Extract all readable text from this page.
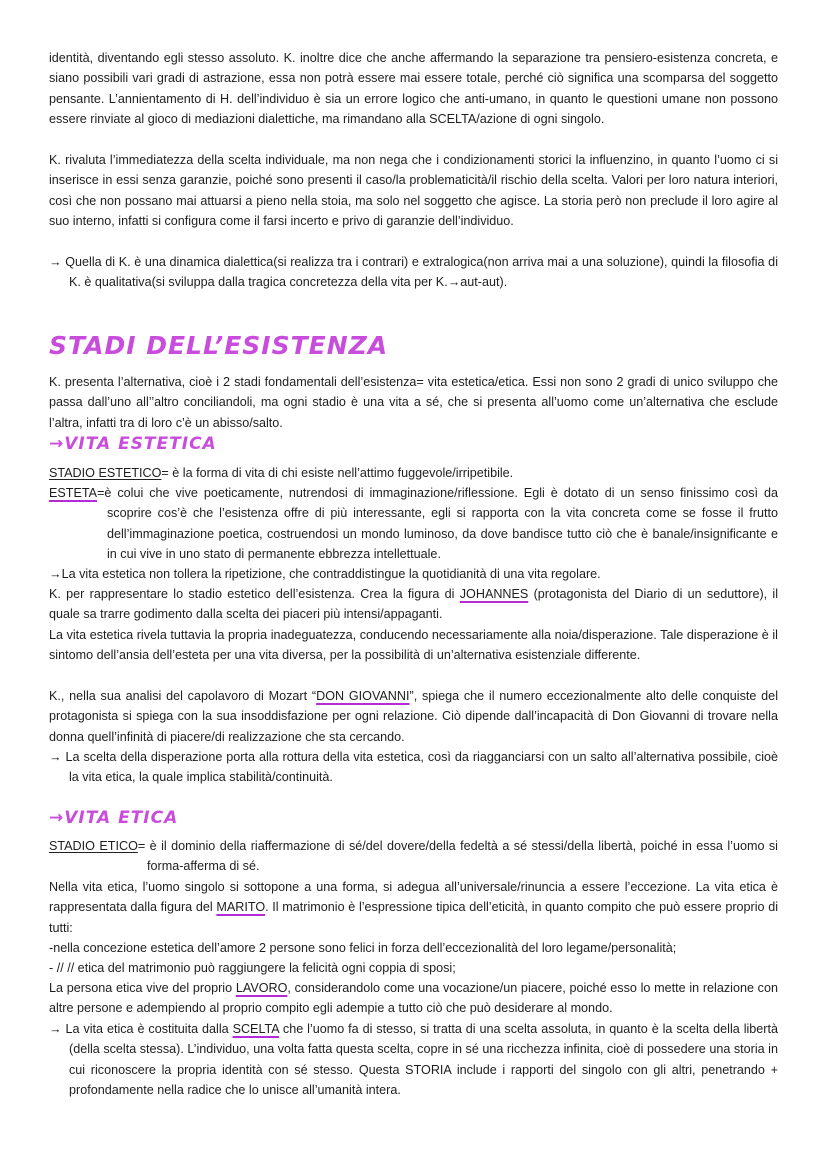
identità, diventando egli stesso assoluto. K. inoltre dice che anche affermando la separazione tra pensiero-esistenza concreta, e siano possibili vari gradi di astrazione, essa non potrà essere mai essere totale, perché ciò significa una scomparsa del soggetto pensante. L’annientamento di H. dell’individuo è sia un errore logico che anti-umano, in quanto le questioni umane non possono essere rinviate al gioco di mediazioni dialettiche, ma rimandano alla SCELTA/azione di ogni singolo.

K. rivaluta l’immediatezza della scelta individuale, ma non nega che i condizionamenti storici la influenzino, in quanto l’uomo ci si inserisce in essi senza garanzie, poiché sono presenti il caso/la problematicità/il rischio della scelta. Valori per loro natura interiori, così che non possano mai attuarsi a pieno nella stoia, ma solo nel soggetto che agisce. La storia però non preclude il loro agire al suo interno, infatti si configura come il farsi incerto e privo di garanzie dell’individuo.

→ Quella di K. è una dinamica dialettica(si realizza tra i contrari) e extralogica(non arriva mai a una soluzione), quindi la filosofia di K. è qualitativa(si sviluppa dalla tragica concretezza della vita per K.→aut-aut).

STADI DELL’ESISTENZA

K. presenta l’alternativa, cioè i 2 stadi fondamentali dell’esistenza= vita estetica/etica. Essi non sono 2 gradi di unico sviluppo che passa dall’uno all’’altro conciliandoli, ma ogni stadio è una vita a sé, che si presenta all’uomo come un’alternativa che esclude l’altra, infatti tra di loro c’è un abisso/salto.

→VITA ESTETICA

STADIO ESTETICO= è la forma di vita di chi esiste nell’attimo fuggevole/irripetibile.

ESTETA=è colui che vive poeticamente, nutrendosi di immaginazione/riflessione. Egli è dotato di un senso finissimo così da scoprire cos’è che l’esistenza offre di più interessante, egli si rapporta con la vita concreta come se fosse il frutto dell’immaginazione poetica, costruendosi un mondo luminoso, da dove bandisce tutto ciò che è banale/insignificante e in cui vive in uno stato di permanente ebbrezza intellettuale.

→La vita estetica non tollera la ripetizione, che contraddistingue la quotidianità di una vita regolare.

K. per rappresentare lo stadio estetico dell’esistenza. Crea la figura di JOHANNES (protagonista del Diario di un seduttore), il quale sa trarre godimento dalla scelta dei piaceri più intensi/appaganti.

La vita estetica rivela tuttavia la propria inadeguatezza, conducendo necessariamente alla noia/disperazione. Tale disperazione è il sintomo dell’ansia dell’esteta per una vita diversa, per la possibilità di un’alternativa esistenziale differente.

K., nella sua analisi del capolavoro di Mozart “DON GIOVANNI”, spiega che il numero eccezionalmente alto delle conquiste del protagonista si spiega con la sua insoddisfazione per ogni relazione. Ciò dipende dall’incapacità di Don Giovanni di trovare nella donna quell’infinità di piacere/di realizzazione che sta cercando.

→ La scelta della disperazione porta alla rottura della vita estetica, così da riagganciarsi con un salto all’alternativa possibile, cioè la vita etica, la quale implica stabilità/continuità.

→VITA ETICA

STADIO ETICO= è il dominio della riaffermazione di sé/del dovere/della fedeltà a sé stessi/della libertà, poiché in essa l’uomo si forma-afferma di sé.

Nella vita etica, l’uomo singolo si sottopone a una forma, si adegua all’universale/rinuncia a essere l’eccezione. La vita etica è rappresentata dalla figura del MARITO. Il matrimonio è l’espressione tipica dell’eticità, in quanto compito che può essere proprio di tutti:

-nella concezione estetica dell’amore 2 persone sono felici in forza dell’eccezionalità del loro legame/personalità;

- // // etica del matrimonio può raggiungere la felicità ogni coppia di sposi;

La persona etica vive del proprio LAVORO, considerandolo come una vocazione/un piacere, poiché esso lo mette in relazione con altre persone e adempiendo al proprio compito egli adempie a tutto ciò che può desiderare al mondo.

→ La vita etica è costituita dalla SCELTA che l’uomo fa di stesso, si tratta di una scelta assoluta, in quanto è la scelta della libertà (della scelta stessa). L’individuo, una volta fatta questa scelta, copre in sé una ricchezza infinita, cioè di possedere una storia in cui riconoscere la propria identità con sé stesso. Questa STORIA include i rapporti del singolo con gli altri, penetrando + profondamente nella radice che lo unisce all’umanità intera.
